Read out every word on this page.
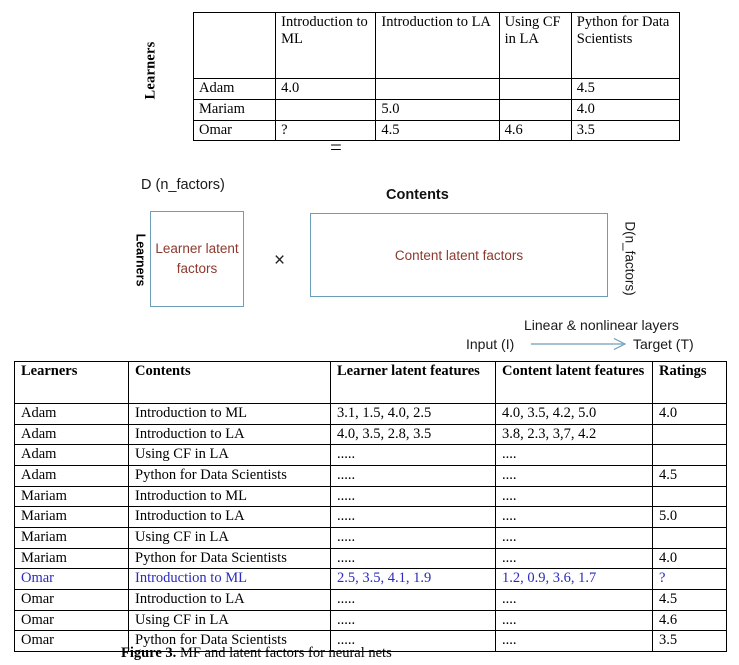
Learners
	Introduction to ML	Introduction to LA	Using CF in LA	Python for Data Scientists
Adam	4.0			4.5
Mariam		5.0		4.0
Omar	?	4.5	4.6	3.5
=
D (n_factors)
Contents
Learners Learner latent factors	×	Content latent factors	D(n_factors)
Linear & nonlinear layers
Input (I)	Target (T)
Learners	Contents	Learner latent features	Content latent features	Ratings
Adam	Introduction to ML	3.1, 1.5, 4.0, 2.5	4.0, 3.5, 4.2, 5.0	4.0
Adam	Introduction to LA	4.0, 3.5, 2.8, 3.5	3.8, 2.3, 3,7, 4.2	
Adam	Using CF in LA	.....	....	
Adam	Python for Data Scientists	.....	....	4.5
Mariam	Introduction to ML	.....	....	
Mariam	Introduction to LA	.....	....	5.0
Mariam	Using CF in LA	.....	....	
Mariam	Python for Data Scientists	.....	....	4.0
Omar	Introduction to ML	2.5, 3.5, 4.1, 1.9	1.2, 0.9, 3.6, 1.7	?
Omar	Introduction to LA	.....	....	4.5
Omar	Using CF in LA	.....	....	4.6
Omar	Python for Data Scientists	.....	....	3.5
Figure 3. MF and latent factors for neural nets
